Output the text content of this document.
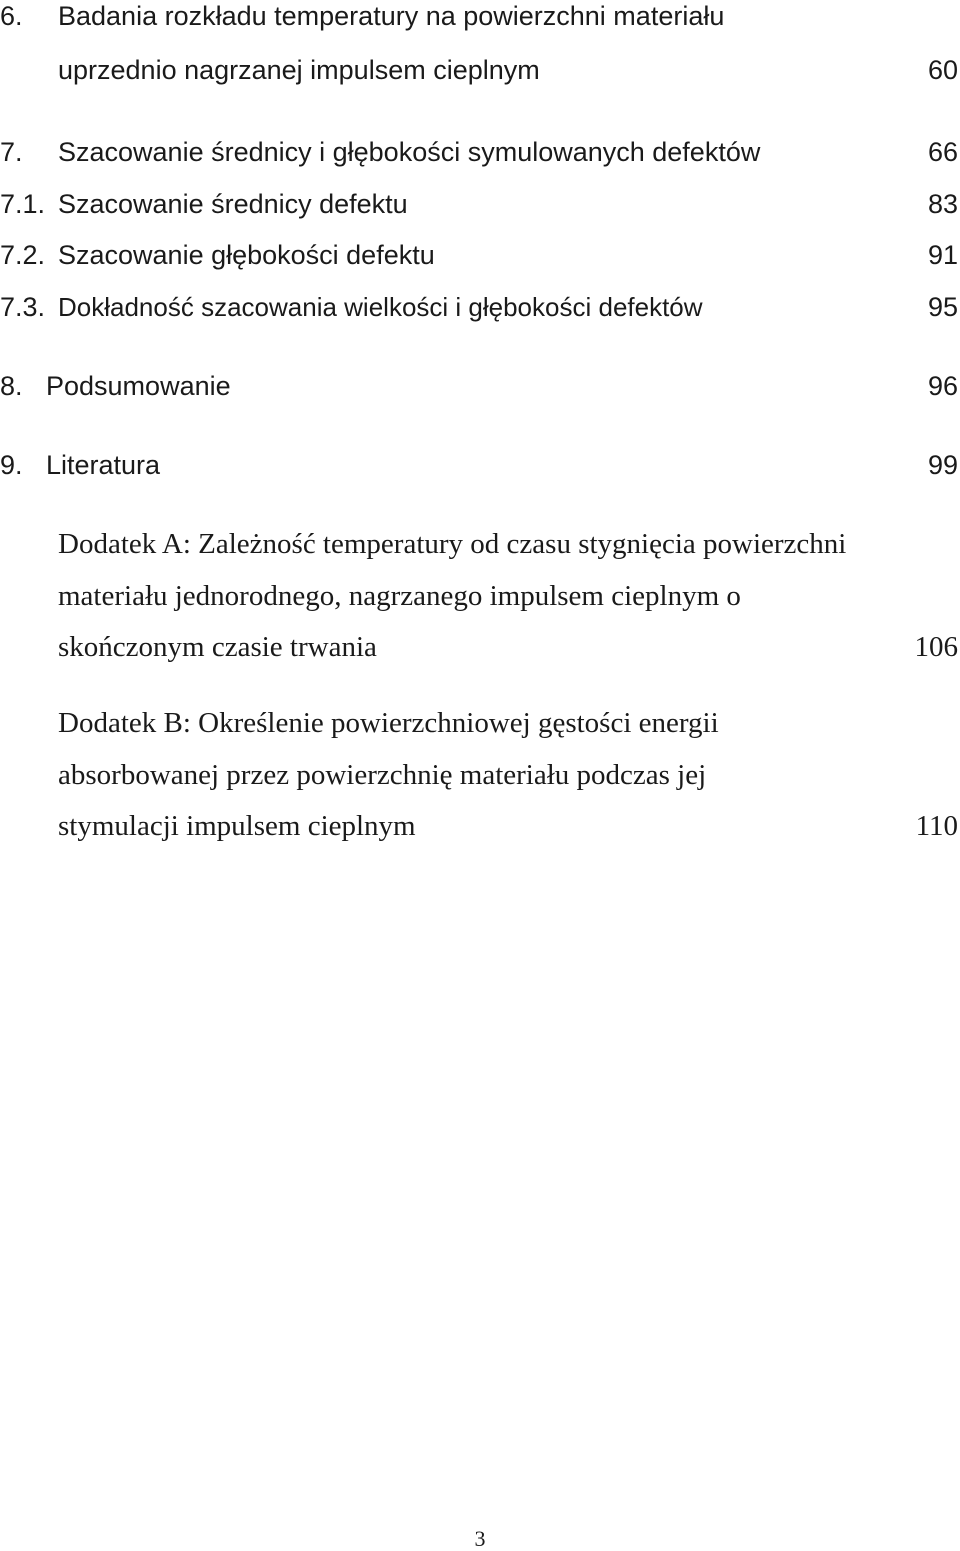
6. Badania rozkładu temperatury na powierzchni materiału
uprzednio nagrzanej impulsem cieplnym	60
7. Szacowanie średnicy i głębokości symulowanych defektów	66
7.1. Szacowanie średnicy defektu	83
7.2. Szacowanie głębokości defektu	91
7.3. Dokładność szacowania wielkości i głębokości defektów	95
8. Podsumowanie	96
9. Literatura	99
Dodatek A: Zależność temperatury od czasu stygnięcia powierzchni
materiału jednorodnego, nagrzanego impulsem cieplnym o
skończonym czasie trwania	106
Dodatek B: Określenie powierzchniowej gęstości energii
absorbowanej przez powierzchnię materiału podczas jej
stymulacji impulsem cieplnym	110
3
